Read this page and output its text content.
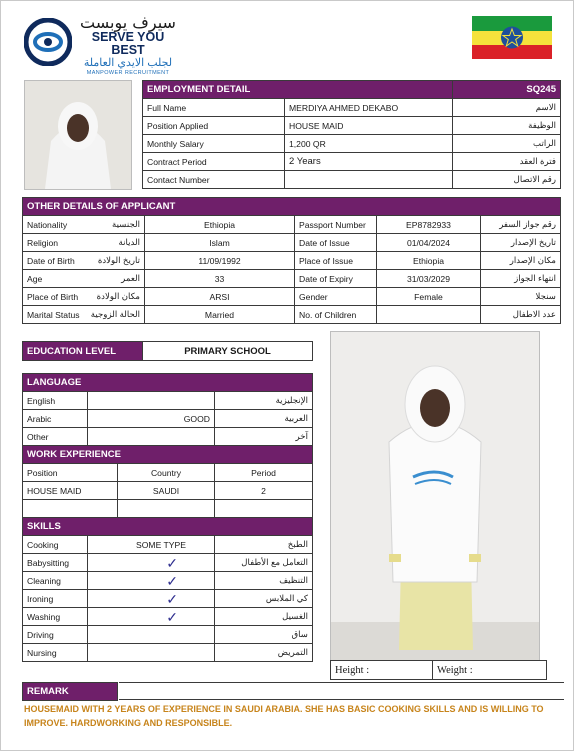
سيرف يوبست
SERVE YOU BEST
لجلب الايدي العاملة
MANPOWER RECRUITMENT
EMPLOYMENT DETAIL		SQ245
Full Name	MERDIYA AHMED DEKABO	الاسم
Position Applied	HOUSE MAID	الوظيفة
Monthly Salary	1,200 QR	الراتب
Contract Period	2 Years	فترة العقد
Contact Number		رقم الاتصال
OTHER DETAILS OF APPLICANT					
Nationality	الجنسية	Ethiopia	Passport Number	EP8782933	رقم جواز السفر
Religion	الديانة	Islam	Date of Issue	01/04/2024	تاريخ الإصدار
Date of Birth	تاريخ الولادة	11/09/1992	Place of Issue	Ethiopia	مكان الإصدار
Age	العمر	33	Date of Expiry	31/03/2029	انتهاء الجواز
Place of Birth	مكان الولادة	ARSI	Gender	Female	سنجلا
Marital Status	الحالة الزوجية	Married	No. of Children		عدد الاطفال
EDUCATION LEVEL	PRIMARY SCHOOL
LANGUAGE			
English			الإنجليزية
Arabic	GOOD		العربية
Other			آخر
WORK EXPERIENCE			
Position		Country	Period
HOUSE MAID		SAUDI	2

SKILLS			
Cooking	SOME TYPE		الطبخ
Babysitting	✓		التعامل مع الأطفال
Cleaning	✓		التنظيف
Ironing	✓		كي الملابس
Washing	✓		الغسيل
Driving			ساق
Nursing			التمريض
Height :	Weight :
REMARK
HOUSEMAID WITH 2 YEARS OF EXPERIENCE IN SAUDI ARABIA. SHE HAS BASIC COOKING SKILLS AND IS WILLING TO IMPROVE. HARDWORKING AND RESPONSIBLE.
